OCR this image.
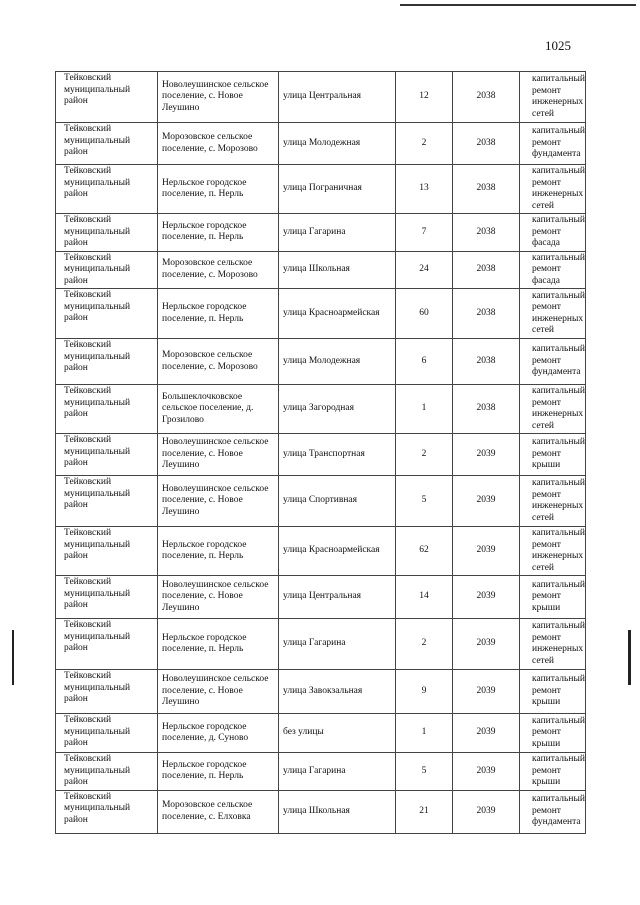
1025
Тейковский муниципальный район	Новолеушинское сельское поселение, с. Новое Леушино	улица Центральная	12	2038	капитальный ремонт инженерных сетей
Тейковский муниципальный район	Морозовское сельское поселение, с. Морозово	улица Молодежная	2	2038	капитальный ремонт фундамента
Тейковский муниципальный район	Нерльское городское поселение, п. Нерль	улица Пограничная	13	2038	капитальный ремонт инженерных сетей
Тейковский муниципальный район	Нерльское городское поселение, п. Нерль	улица Гагарина	7	2038	капитальный ремонт фасада
Тейковский муниципальный район	Морозовское сельское поселение, с. Морозово	улица Школьная	24	2038	капитальный ремонт фасада
Тейковский муниципальный район	Нерльское городское поселение, п. Нерль	улица Красноармейская	60	2038	капитальный ремонт инженерных сетей
Тейковский муниципальный район	Морозовское сельское поселение, с. Морозово	улица Молодежная	6	2038	капитальный ремонт фундамента
Тейковский муниципальный район	Большеклочковское сельское поселение, д. Грозилово	улица Загородная	1	2038	капитальный ремонт инженерных сетей
Тейковский муниципальный район	Новолеушинское сельское поселение, с. Новое Леушино	улица Транспортная	2	2039	капитальный ремонт крыши
Тейковский муниципальный район	Новолеушинское сельское поселение, с. Новое Леушино	улица Спортивная	5	2039	капитальный ремонт инженерных сетей
Тейковский муниципальный район	Нерльское городское поселение, п. Нерль	улица Красноармейская	62	2039	капитальный ремонт инженерных сетей
Тейковский муниципальный район	Новолеушинское сельское поселение, с. Новое Леушино	улица Центральная	14	2039	капитальный ремонт крыши
Тейковский муниципальный район	Нерльское городское поселение, п. Нерль	улица Гагарина	2	2039	капитальный ремонт инженерных сетей
Тейковский муниципальный район	Новолеушинское сельское поселение, с. Новое Леушино	улица Завокзальная	9	2039	капитальный ремонт крыши
Тейковский муниципальный район	Нерльское городское поселение, д. Суново	без улицы	1	2039	капитальный ремонт крыши
Тейковский муниципальный район	Нерльское городское поселение, п. Нерль	улица Гагарина	5	2039	капитальный ремонт крыши
Тейковский муниципальный район	Морозовское сельское поселение, с. Елховка	улица Школьная	21	2039	капитальный ремонт фундамента
